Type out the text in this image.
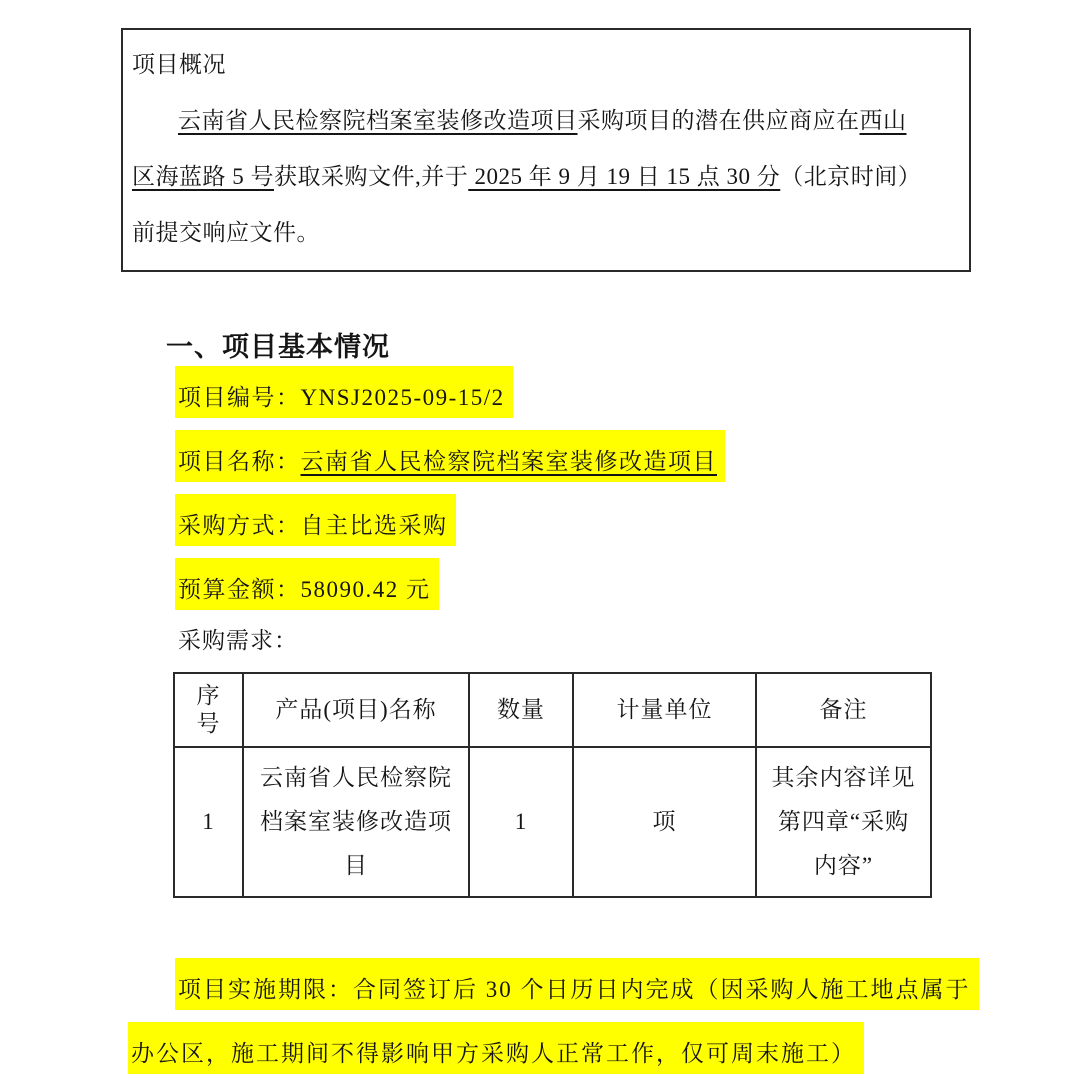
项目概况
云南省人民检察院档案室装修改造项目采购项目的潜在供应商应在西山
区海蓝路 5 号获取采购文件,并于 2025 年 9 月 19 日 15 点 30 分（北京时间）
前提交响应文件。
一、项目基本情况
项目编号：YNSJ2025-09-15/2
项目名称：云南省人民检察院档案室装修改造项目
采购方式：自主比选采购
预算金额：58090.42 元
采购需求：
序号	产品(项目)名称	数量	计量单位	备注
1	云南省人民检察院档案室装修改造项目	1	项	其余内容详见第四章“采购内容”
项目实施期限：合同签订后 30 个日历日内完成（因采购人施工地点属于
办公区，施工期间不得影响甲方采购人正常工作，仅可周末施工）
